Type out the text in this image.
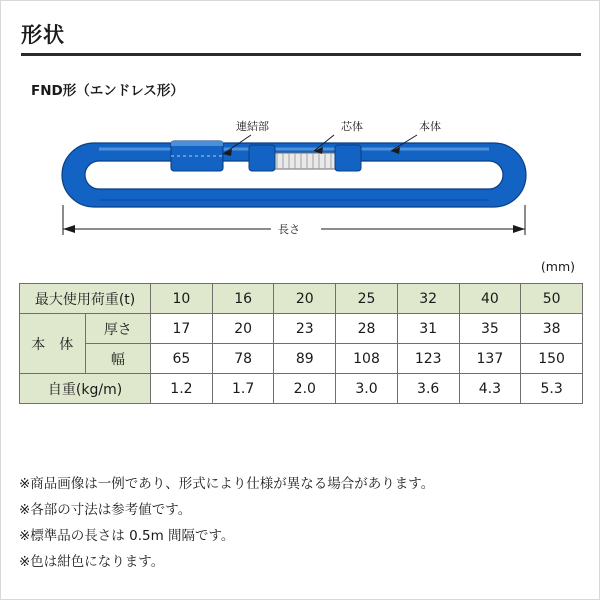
形状
FND形（エンドレス形）
連結部	芯体	本体
長さ
(mm)
最大使用荷重(t)		10	16	20	25	32	40	50
本　体	厚さ	17	20	23	28	31	35	38
	幅	65	78	89	108	123	137	150
自重(kg/m)		1.2	1.7	2.0	3.0	3.6	4.3	5.3
※商品画像は一例であり、形式により仕様が異なる場合があります。
※各部の寸法は参考値です。
※標準品の長さは 0.5m 間隔です。
※色は紺色になります。
